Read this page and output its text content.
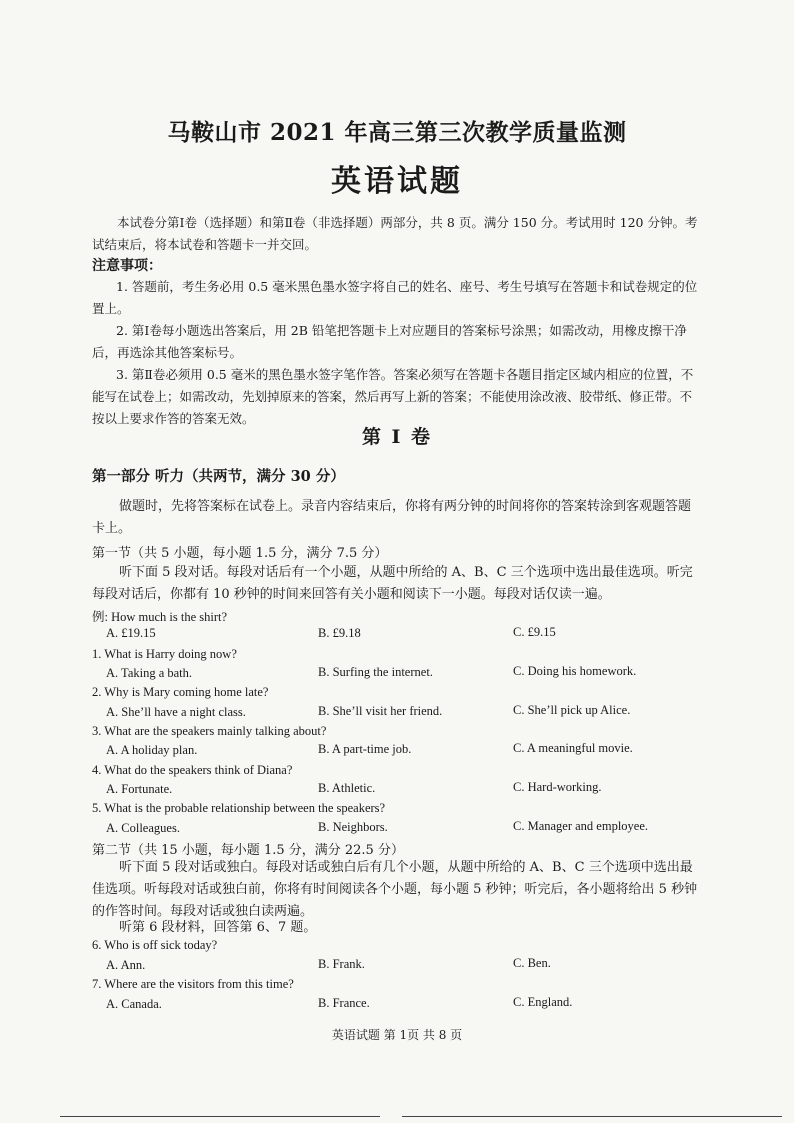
马鞍山市 2021 年高三第三次教学质量监测
英语试题
本试卷分第Ⅰ卷（选择题）和第Ⅱ卷（非选择题）两部分，共 8 页。满分 150 分。考试用时 120 分钟。考试结束后，将本试卷和答题卡一并交回。
注意事项：
1. 答题前，考生务必用 0.5 毫米黑色墨水签字将自己的姓名、座号、考生号填写在答题卡和试卷规定的位置上。
2. 第Ⅰ卷每小题选出答案后，用 2B 铅笔把答题卡上对应题目的答案标号涂黑；如需改动，用橡皮擦干净后，再选涂其他答案标号。
3. 第Ⅱ卷必须用 0.5 毫米的黑色墨水签字笔作答。答案必须写在答题卡各题目指定区域内相应的位置，不能写在试卷上；如需改动，先划掉原来的答案，然后再写上新的答案；不能使用涂改液、胶带纸、修正带。不按以上要求作答的答案无效。
第 I 卷
第一部分 听力（共两节，满分 30 分）
做题时，先将答案标在试卷上。录音内容结束后，你将有两分钟的时间将你的答案转涂到客观题答题卡上。
第一节（共 5 小题，每小题 1.5 分，满分 7.5 分）
听下面 5 段对话。每段对话后有一个小题，从题中所给的 A、B、C 三个选项中选出最佳选项。听完每段对话后，你都有 10 秒钟的时间来回答有关小题和阅读下一小题。每段对话仅读一遍。
例: How much is the shirt?
A. £19.15	B. £9.18	C. £9.15
1. What is Harry doing now?
A. Taking a bath.	B. Surfing the internet.	C. Doing his homework.
2. Why is Mary coming home late?
A. She’ll have a night class.	B. She’ll visit her friend.	C. She’ll pick up Alice.
3. What are the speakers mainly talking about?
A. A holiday plan.	B. A part-time job.	C. A meaningful movie.
4. What do the speakers think of Diana?
A. Fortunate.	B. Athletic.	C. Hard-working.
5. What is the probable relationship between the speakers?
A. Colleagues.	B. Neighbors.	C. Manager and employee.
第二节（共 15 小题，每小题 1.5 分，满分 22.5 分）
听下面 5 段对话或独白。每段对话或独白后有几个小题，从题中所给的 A、B、C 三个选项中选出最佳选项。听每段对话或独白前，你将有时间阅读各个小题，每小题 5 秒钟；听完后，各小题将给出 5 秒钟的作答时间。每段对话或独白读两遍。
听第 6 段材料，回答第 6、7 题。
6. Who is off sick today?
A. Ann.	B. Frank.	C. Ben.
7. Where are the visitors from this time?
A. Canada.	B. France.	C. England.
英语试题 第 1页 共 8 页
